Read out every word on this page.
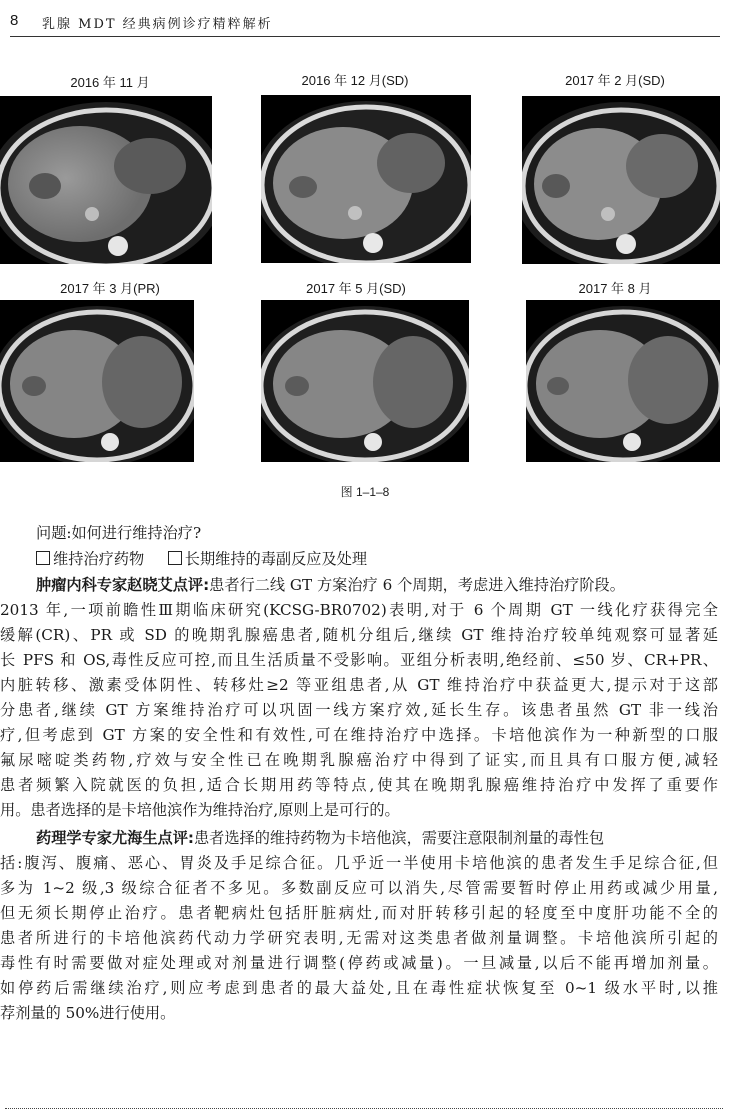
8 乳腺 MDT 经典病例诊疗精粹解析
2016 年 11 月	2016 年 12 月(SD)	2017 年 2 月(SD)
2017 年 3 月(PR)	2017 年 5 月(SD)	2017 年 8 月
图 1–1–8
问题:如何进行维持治疗?
维持治疗药物	长期维持的毒副反应及处理
肿瘤内科专家赵晓艾点评:患者行二线 GT 方案治疗 6 个周期，考虑进入维持治疗阶段。
2013 年,一项前瞻性Ⅲ期临床研究(KCSG-BR0702)表明,对于 6 个周期 GT 一线化疗获得完全
缓解(CR)、PR 或 SD 的晚期乳腺癌患者,随机分组后,继续 GT 维持治疗较单纯观察可显著延
长 PFS 和 OS,毒性反应可控,而且生活质量不受影响。亚组分析表明,绝经前、≤50 岁、CR+PR、
内脏转移、激素受体阴性、转移灶≥2 等亚组患者,从 GT 维持治疗中获益更大,提示对于这部
分患者,继续 GT 方案维持治疗可以巩固一线方案疗效,延长生存。该患者虽然 GT 非一线治
疗,但考虑到 GT 方案的安全性和有效性,可在维持治疗中选择。卡培他滨作为一种新型的口服
氟尿嘧啶类药物,疗效与安全性已在晚期乳腺癌治疗中得到了证实,而且具有口服方便,减轻
患者频繁入院就医的负担,适合长期用药等特点,使其在晚期乳腺癌维持治疗中发挥了重要作
用。患者选择的是卡培他滨作为维持治疗,原则上是可行的。
药理学专家尤海生点评:患者选择的维持药物为卡培他滨，需要注意限制剂量的毒性包
括:腹泻、腹痛、恶心、胃炎及手足综合征。几乎近一半使用卡培他滨的患者发生手足综合征,但
多为 1~2 级,3 级综合征者不多见。多数副反应可以消失,尽管需要暂时停止用药或减少用量,
但无须长期停止治疗。患者靶病灶包括肝脏病灶,而对肝转移引起的轻度至中度肝功能不全的
患者所进行的卡培他滨药代动力学研究表明,无需对这类患者做剂量调整。卡培他滨所引起的
毒性有时需要做对症处理或对剂量进行调整(停药或减量)。一旦减量,以后不能再增加剂量。
如停药后需继续治疗,则应考虑到患者的最大益处,且在毒性症状恢复至 0~1 级水平时,以推
荐剂量的 50%进行使用。
